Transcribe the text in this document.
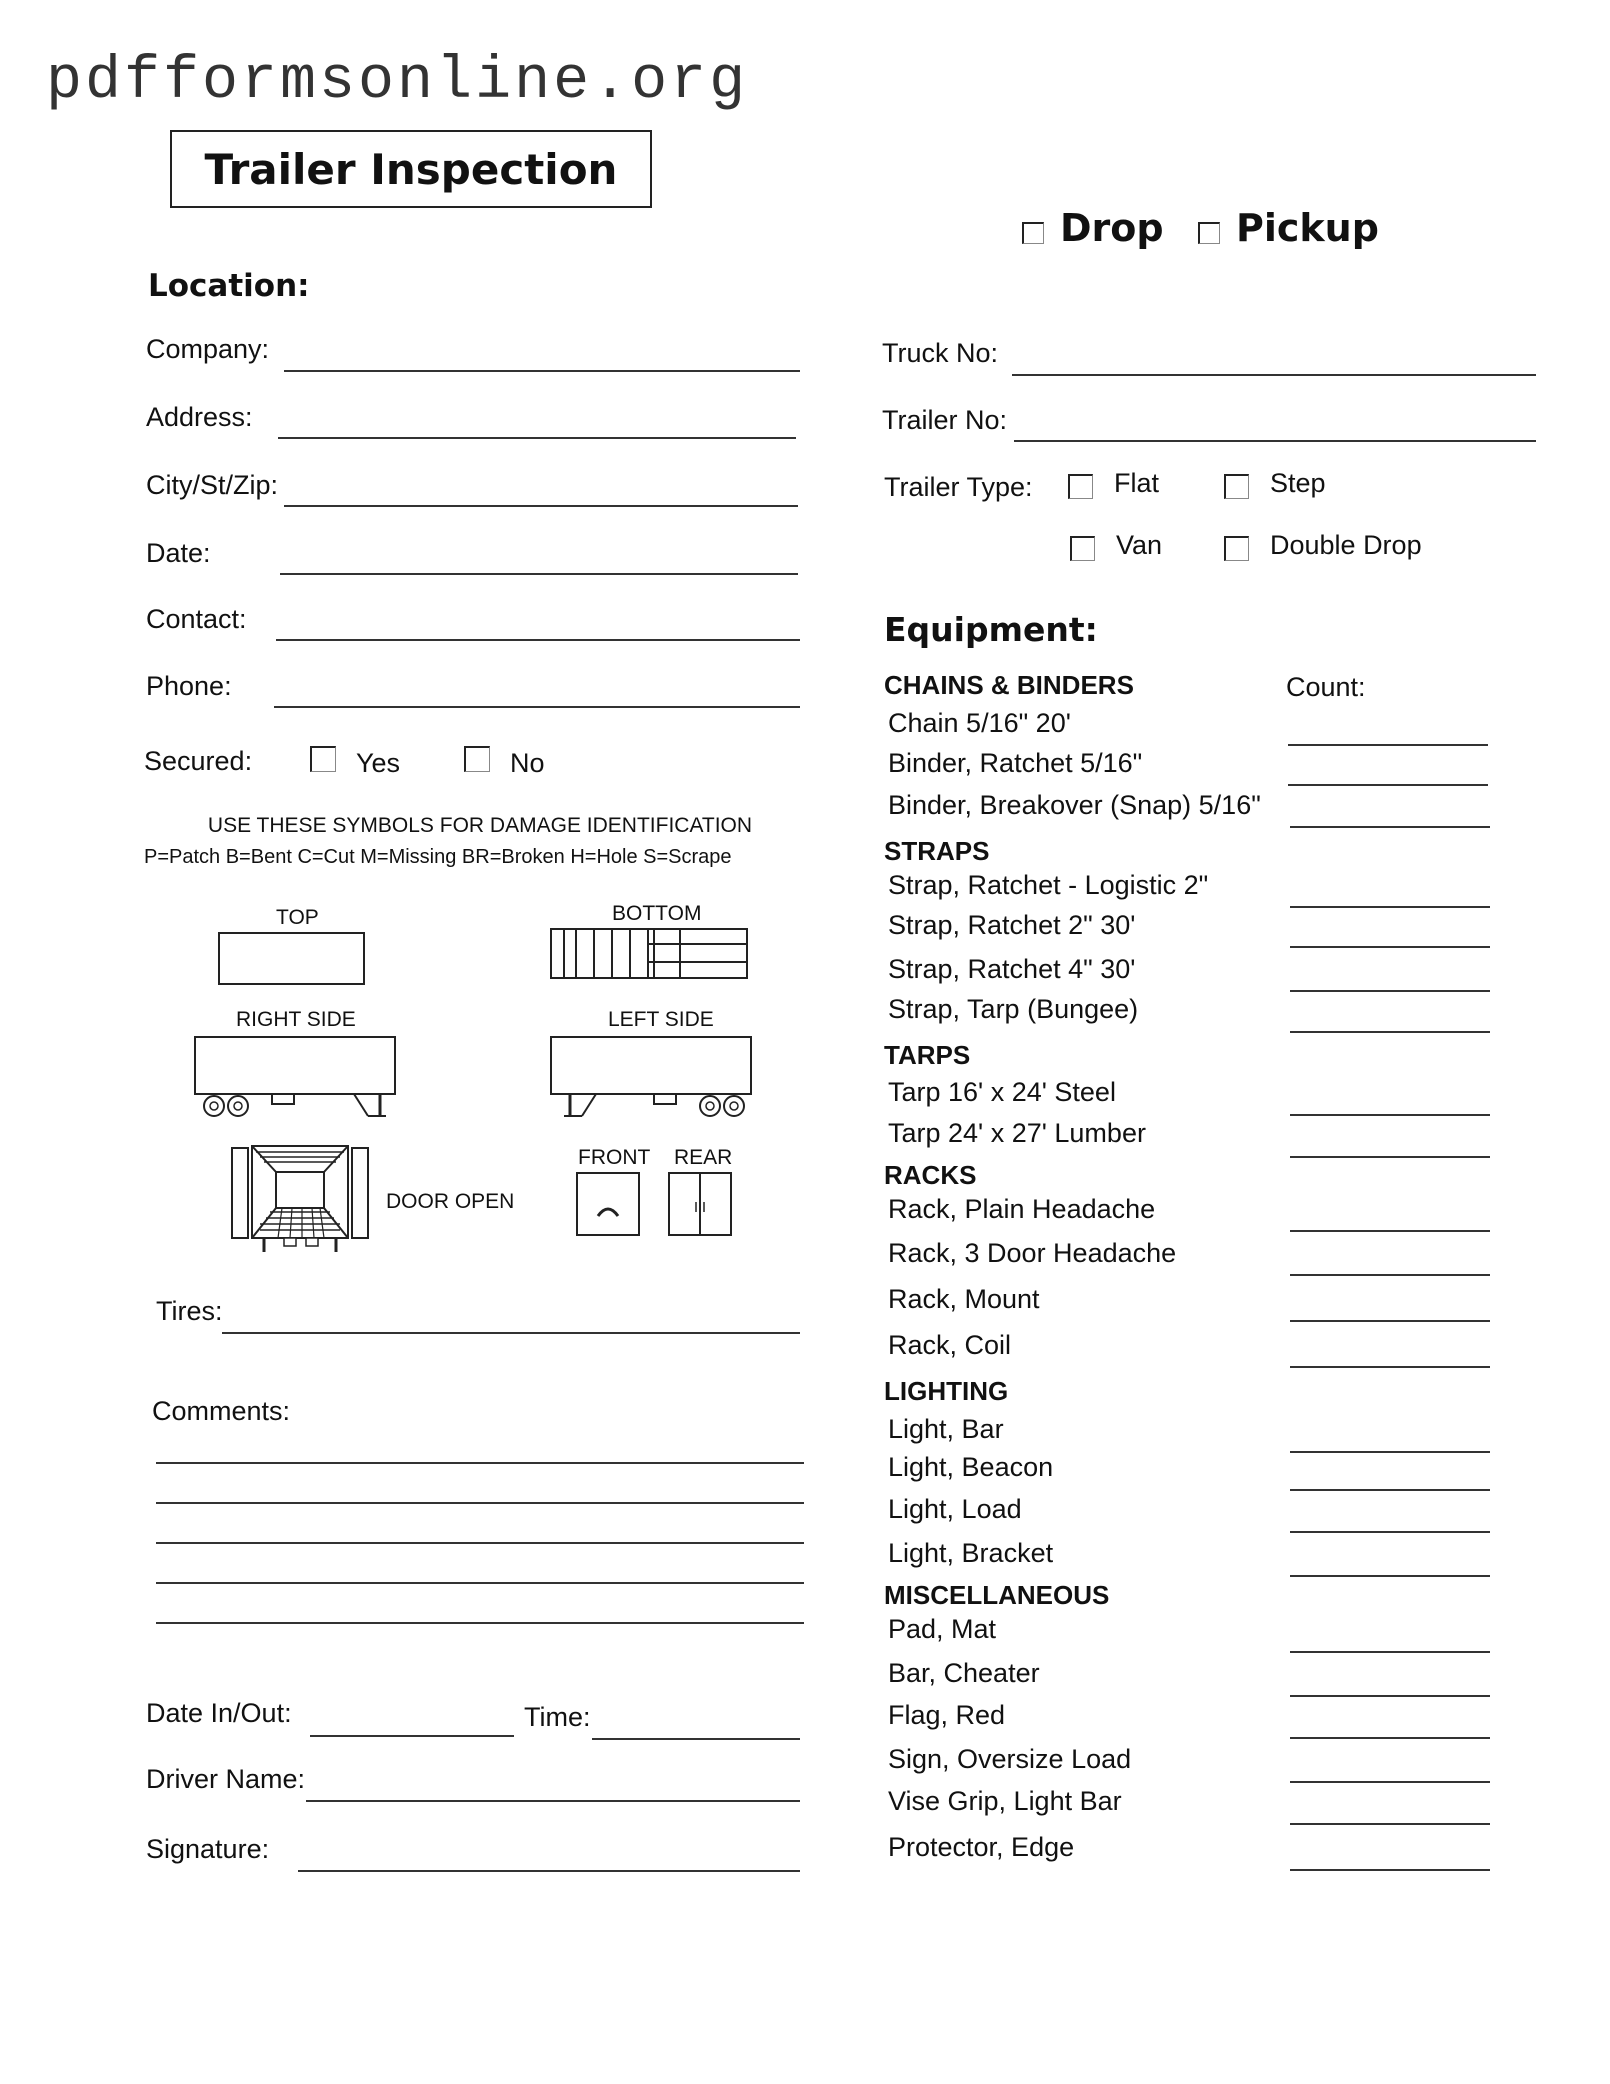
pdfformsonline.org
Trailer Inspection
Drop Pickup
Location:
Company:
Address:
City/St/Zip:
Date:
Contact:
Phone:
Secured:	Yes	No
USE THESE SYMBOLS FOR DAMAGE IDENTIFICATION
P=Patch B=Bent C=Cut M=Missing BR=Broken H=Hole S=Scrape
TOP	BOTTOM
RIGHT SIDE	LEFT SIDE
DOOR OPEN
FRONT REAR
Tires:
Comments:
Date In/Out:	Time:
Driver Name:
Signature:
Truck No:
Trailer No:
Trailer Type:	Flat	Step
Van	Double Drop
Equipment:
Count:
CHAINS & BINDERS
Chain 5/16" 20'
Binder, Ratchet 5/16"
Binder, Breakover (Snap) 5/16"
STRAPS
Strap, Ratchet - Logistic 2"
Strap, Ratchet 2" 30'
Strap, Ratchet 4" 30'
Strap, Tarp (Bungee)
TARPS
Tarp 16' x 24' Steel
Tarp 24' x 27' Lumber
RACKS
Rack, Plain Headache
Rack, 3 Door Headache
Rack, Mount
Rack, Coil
LIGHTING
Light, Bar
Light, Beacon
Light, Load
Light, Bracket
MISCELLANEOUS
Pad, Mat
Bar, Cheater
Flag, Red
Sign, Oversize Load
Vise Grip, Light Bar
Protector, Edge
